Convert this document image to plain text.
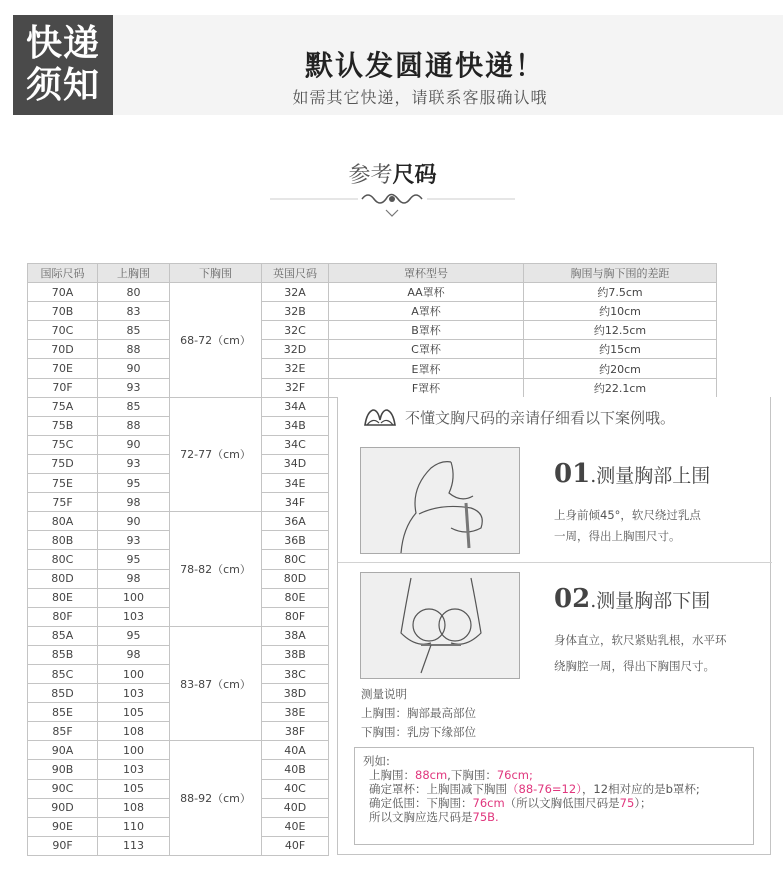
快递
须知	默认发圆通快递！
如需其它快递，请联系客服确认哦
参考尺码
国际尺码	上胸围	下胸围	英国尺码	罩杯型号	胸围与胸下围的差距
70A	80	68-72（cm）	32A	AA罩杯	约7.5cm
70B	83		32B	A罩杯	约10cm
70C	85		32C	B罩杯	约12.5cm
70D	88		32D	C罩杯	约15cm
70E	90		32E	E罩杯	约20cm
70F	93		32F	F罩杯	约22.1cm
75A	85	72-77（cm）	34A		
75B	88		34B		
75C	90		34C		
75D	93		34D		
75E	95		34E		
75F	98		34F		
80A	90	78-82（cm）	36A		
80B	93		36B		
80C	95		80C		
80D	98		80D		
80E	100		80E		
80F	103		80F		
85A	95	83-87（cm）	38A		
85B	98		38B		
85C	100		38C		
85D	103		38D		
85E	105		38E		
85F	108		38F		
90A	100	88-92（cm）	40A		
90B	103		40B		
90C	105		40C		
90D	108		40D		
90E	110		40E		
90F	113		40F		
不懂文胸尺码的亲请仔细看以下案例哦。
01.测量胸部上围
上身前倾45°，软尺绕过乳点
一周，得出上胸围尺寸。
02.测量胸部下围
身体直立，软尺紧贴乳根，水平环
绕胸腔一周，得出下胸围尺寸。
测量说明
上胸围：胸部最高部位
下胸围：乳房下缘部位
列如:
上胸围：88cm,下胸围：76cm;
确定罩杯：上胸围减下胸围（88-76=12），12相对应的是b罩杯;
确定低围：下胸围：76cm（所以文胸低围尺码是75）；
所以文胸应选尺码是75B.
